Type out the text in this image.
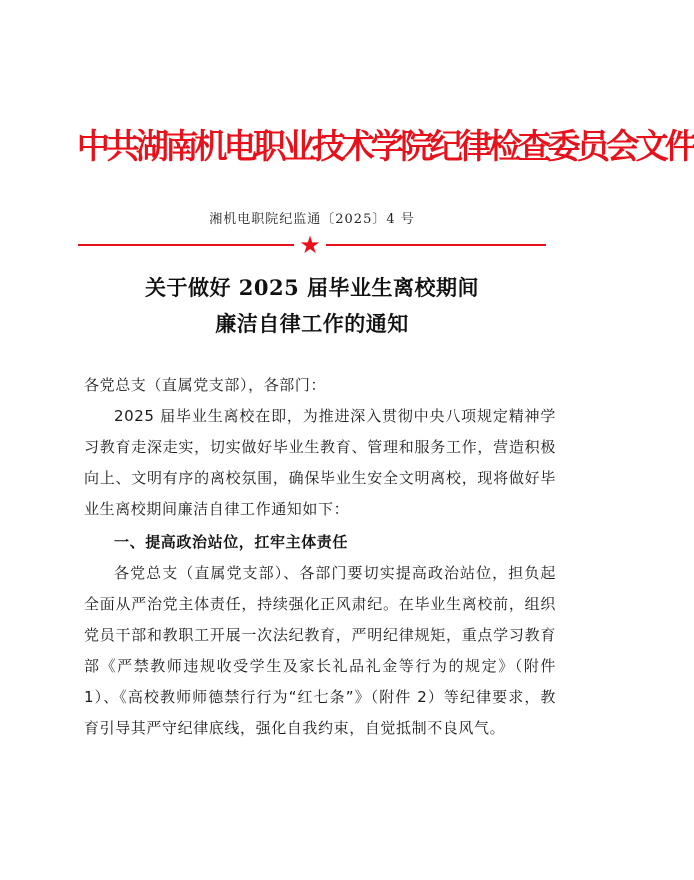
中共湖南机电职业技术学院纪律检查委员会文件
湘机电职院纪监通〔2025〕4 号
★
关于做好 2025 届毕业生离校期间
廉洁自律工作的通知
各党总支（直属党支部），各部门：
2025 届毕业生离校在即，为推进深入贯彻中央八项规定精神学习教育走深走实，切实做好毕业生教育、管理和服务工作，营造积极向上、文明有序的离校氛围，确保毕业生安全文明离校，现将做好毕业生离校期间廉洁自律工作通知如下：
一、提高政治站位，扛牢主体责任
各党总支（直属党支部）、各部门要切实提高政治站位，担负起全面从严治党主体责任，持续强化正风肃纪。在毕业生离校前，组织党员干部和教职工开展一次法纪教育，严明纪律规矩，重点学习教育部《严禁教师违规收受学生及家长礼品礼金等行为的规定》（附件 1）、《高校教师师德禁行行为“红七条”》（附件 2）等纪律要求，教育引导其严守纪律底线，强化自我约束，自觉抵制不良风气。
